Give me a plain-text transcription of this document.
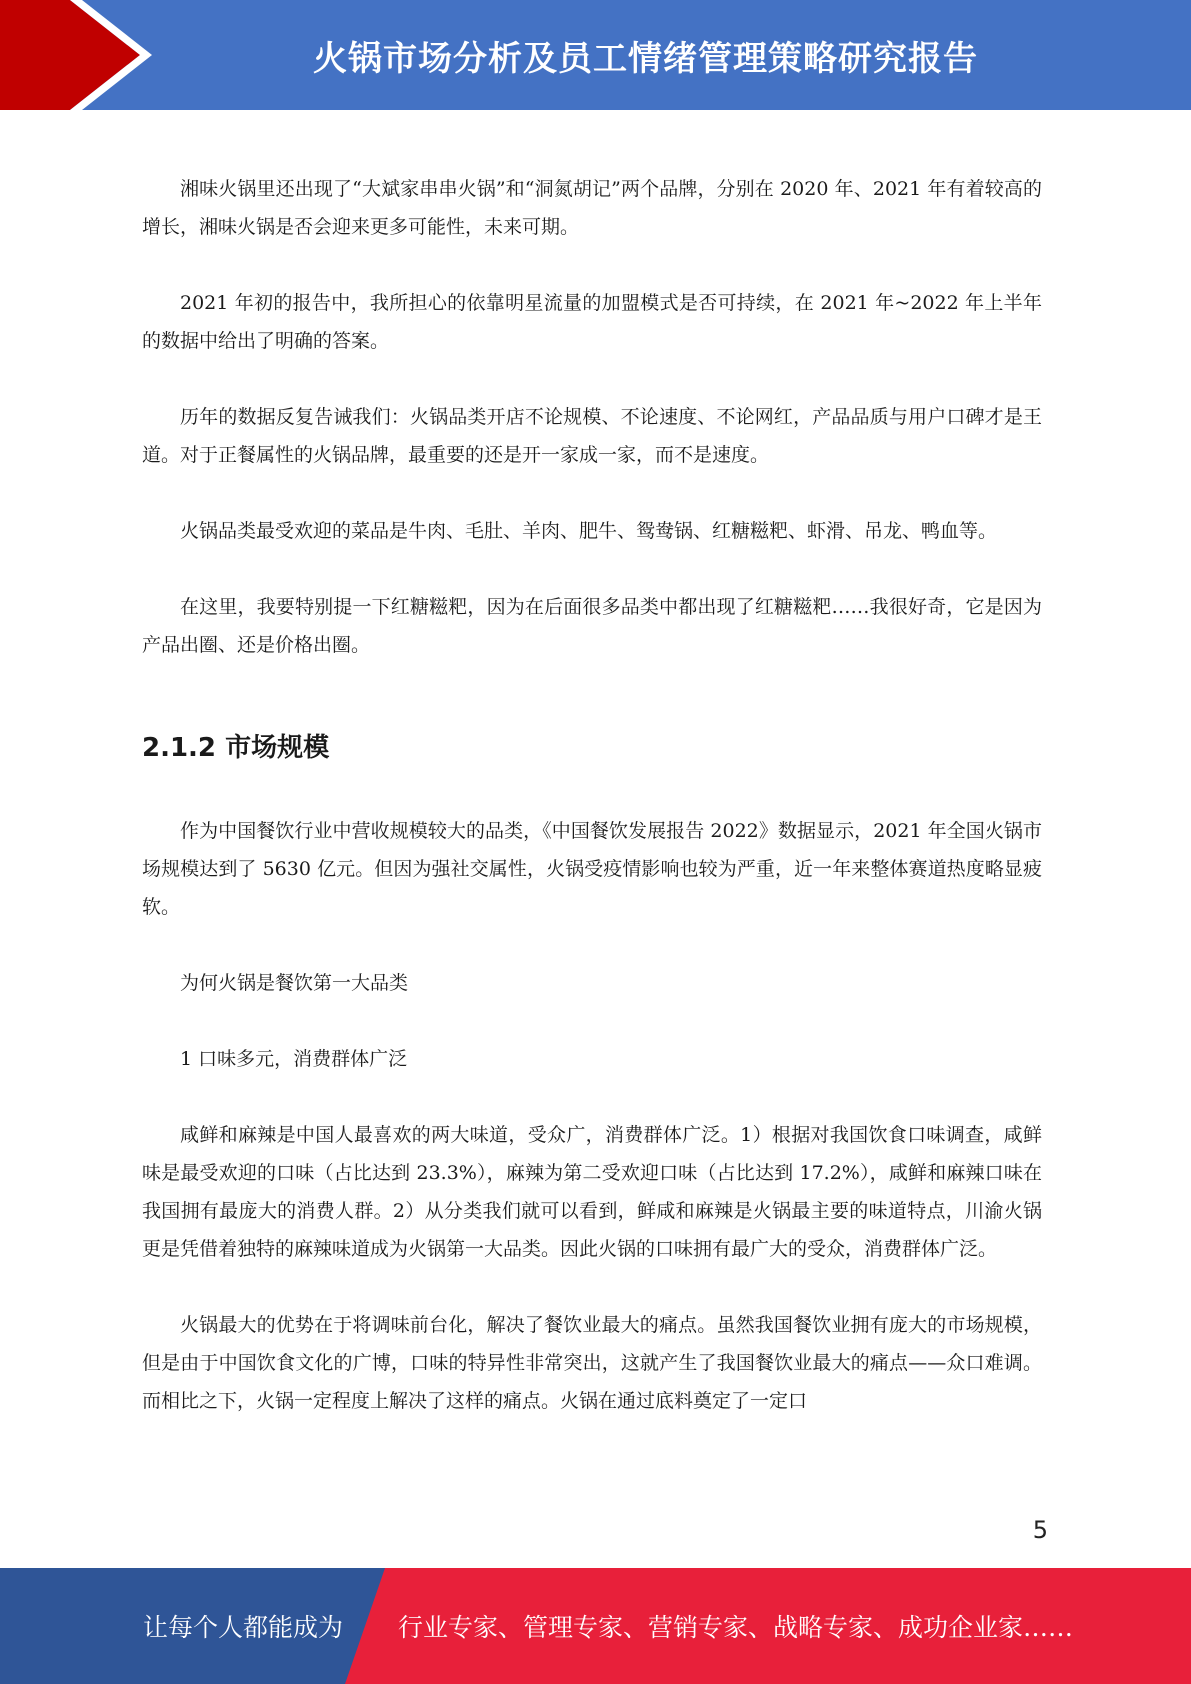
火锅市场分析及员工情绪管理策略研究报告

湘味火锅里还出现了“大斌家串串火锅”和“洞氮胡记”两个品牌，分别在 2020 年、2021 年有着较高的增长，湘味火锅是否会迎来更多可能性，未来可期。

2021 年初的报告中，我所担心的依靠明星流量的加盟模式是否可持续，在 2021 年~2022 年上半年的数据中给出了明确的答案。

历年的数据反复告诫我们：火锅品类开店不论规模、不论速度、不论网红，产品品质与用户口碑才是王道。对于正餐属性的火锅品牌，最重要的还是开一家成一家，而不是速度。

火锅品类最受欢迎的菜品是牛肉、毛肚、羊肉、肥牛、鸳鸯锅、红糖糍粑、虾滑、吊龙、鸭血等。

在这里，我要特别提一下红糖糍粑，因为在后面很多品类中都出现了红糖糍粑……我很好奇，它是因为产品出圈、还是价格出圈。

2.1.2 市场规模

作为中国餐饮行业中营收规模较大的品类，《中国餐饮发展报告 2022》数据显示，2021 年全国火锅市场规模达到了 5630 亿元。但因为强社交属性，火锅受疫情影响也较为严重，近一年来整体赛道热度略显疲软。

为何火锅是餐饮第一大品类

1 口味多元，消费群体广泛

咸鲜和麻辣是中国人最喜欢的两大味道，受众广，消费群体广泛。1）根据对我国饮食口味调查，咸鲜味是最受欢迎的口味（占比达到 23.3%），麻辣为第二受欢迎口味（占比达到 17.2%），咸鲜和麻辣口味在我国拥有最庞大的消费人群。2）从分类我们就可以看到，鲜咸和麻辣是火锅最主要的味道特点，川渝火锅更是凭借着独特的麻辣味道成为火锅第一大品类。因此火锅的口味拥有最广大的受众，消费群体广泛。

火锅最大的优势在于将调味前台化，解决了餐饮业最大的痛点。虽然我国餐饮业拥有庞大的市场规模，但是由于中国饮食文化的广博，口味的特异性非常突出，这就产生了我国餐饮业最大的痛点——众口难调。而相比之下，火锅一定程度上解决了这样的痛点。火锅在通过底料奠定了一定口

5
让每个人都能成为 行业专家、管理专家、营销专家、战略专家、成功企业家……
